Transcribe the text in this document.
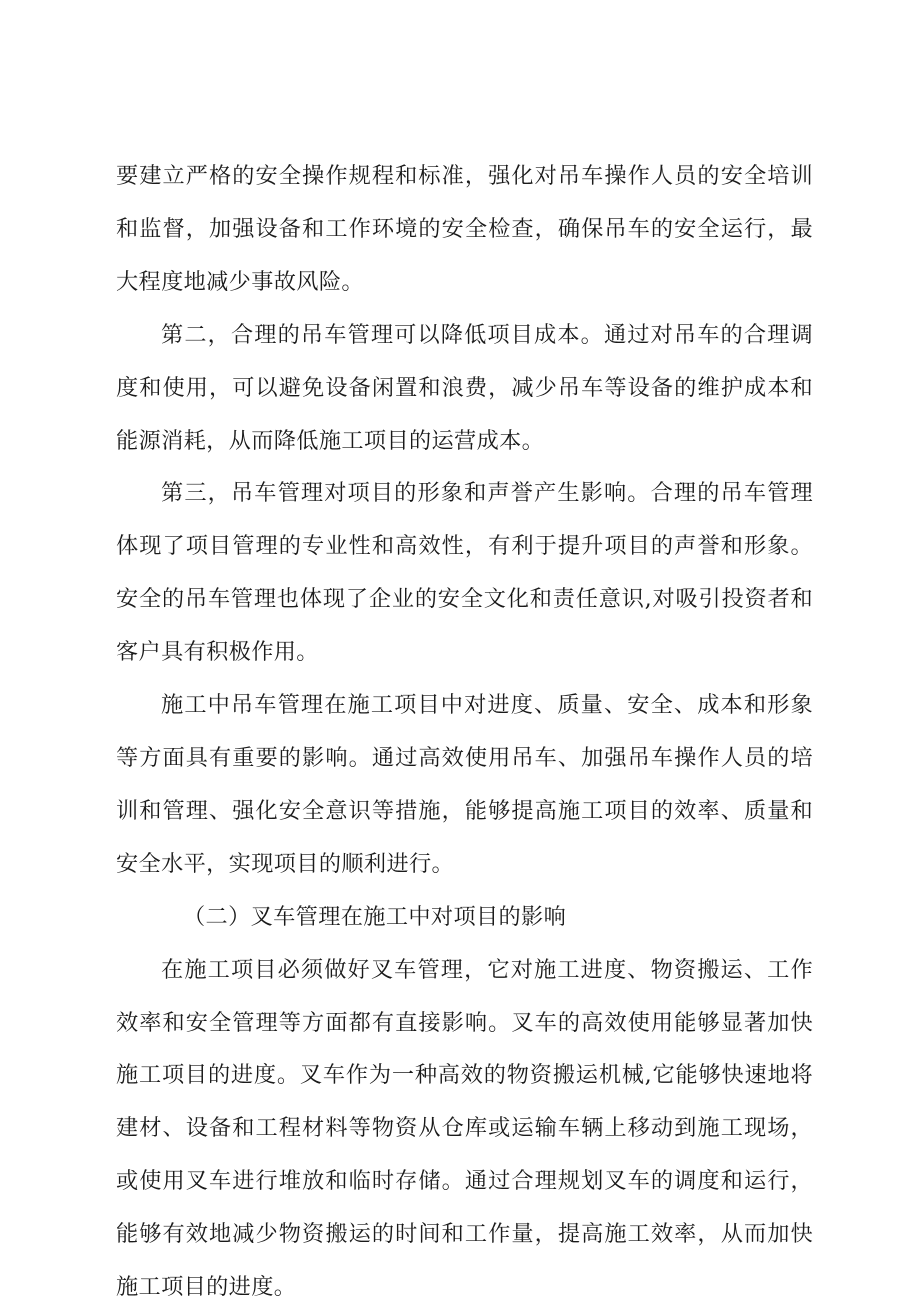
要建立严格的安全操作规程和标准，强化对吊车操作人员的安全培训和监督，加强设备和工作环境的安全检查，确保吊车的安全运行，最大程度地减少事故风险。

第二，合理的吊车管理可以降低项目成本。通过对吊车的合理调度和使用，可以避免设备闲置和浪费，减少吊车等设备的维护成本和能源消耗，从而降低施工项目的运营成本。

第三，吊车管理对项目的形象和声誉产生影响。合理的吊车管理体现了项目管理的专业性和高效性，有利于提升项目的声誉和形象。安全的吊车管理也体现了企业的安全文化和责任意识,对吸引投资者和客户具有积极作用。

施工中吊车管理在施工项目中对进度、质量、安全、成本和形象等方面具有重要的影响。通过高效使用吊车、加强吊车操作人员的培训和管理、强化安全意识等措施，能够提高施工项目的效率、质量和安全水平，实现项目的顺利进行。

（二）叉车管理在施工中对项目的影响

在施工项目必须做好叉车管理，它对施工进度、物资搬运、工作效率和安全管理等方面都有直接影响。叉车的高效使用能够显著加快施工项目的进度。叉车作为一种高效的物资搬运机械,它能够快速地将建材、设备和工程材料等物资从仓库或运输车辆上移动到施工现场，或使用叉车进行堆放和临时存储。通过合理规划叉车的调度和运行，能够有效地减少物资搬运的时间和工作量，提高施工效率，从而加快施工项目的进度。
